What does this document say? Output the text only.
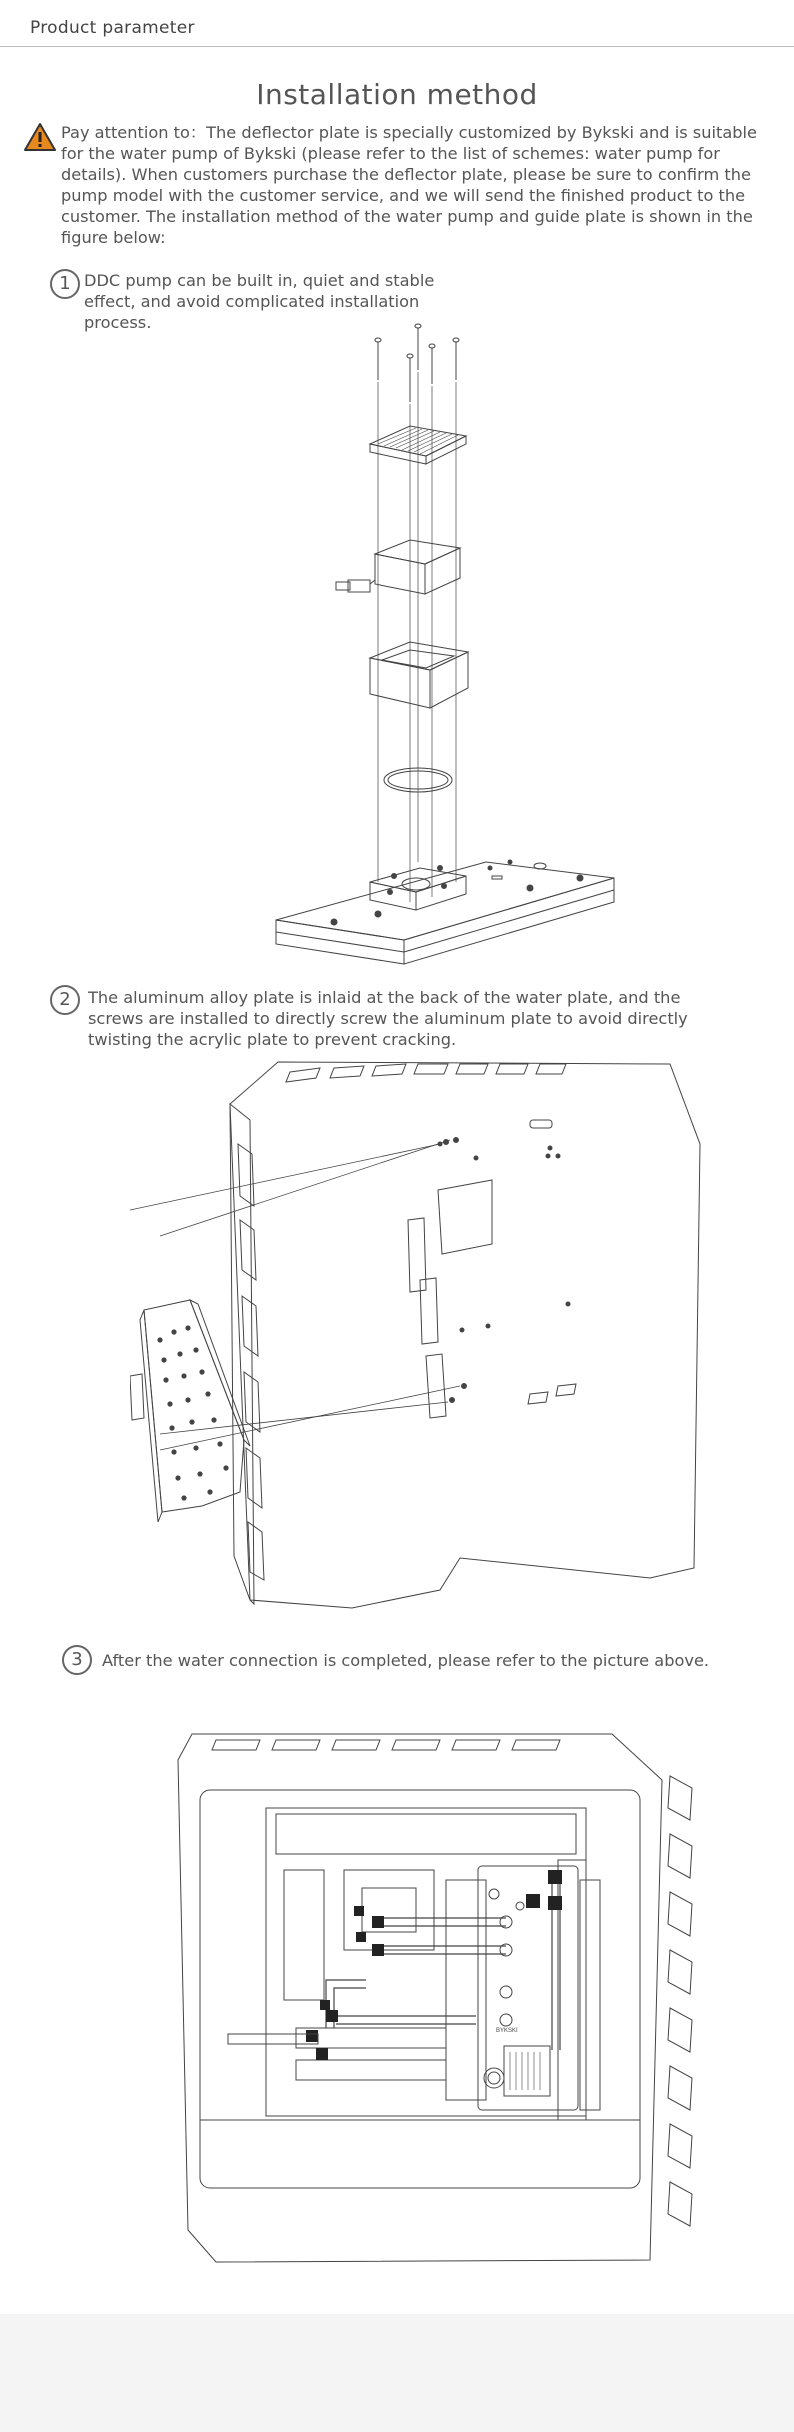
Product parameter
Installation method

Pay attention to：The deflector plate is specially customized by Bykski and is suitable for the water pump of Bykski (please refer to the list of schemes: water pump for details). When customers purchase the deflector plate, please be sure to confirm the pump model with the customer service, and we will send the finished product to the customer. The installation method of the water pump and guide plate is shown in the figure below:

1 DDC pump can be built in, quiet and stable effect, and avoid complicated installation process.
2	The aluminum alloy plate is inlaid at the back of the water plate, and the screws are installed to directly screw the aluminum plate to avoid directly twisting the acrylic plate to prevent cracking.
3	After the water connection is completed, please refer to the picture above.
BYKSKI
